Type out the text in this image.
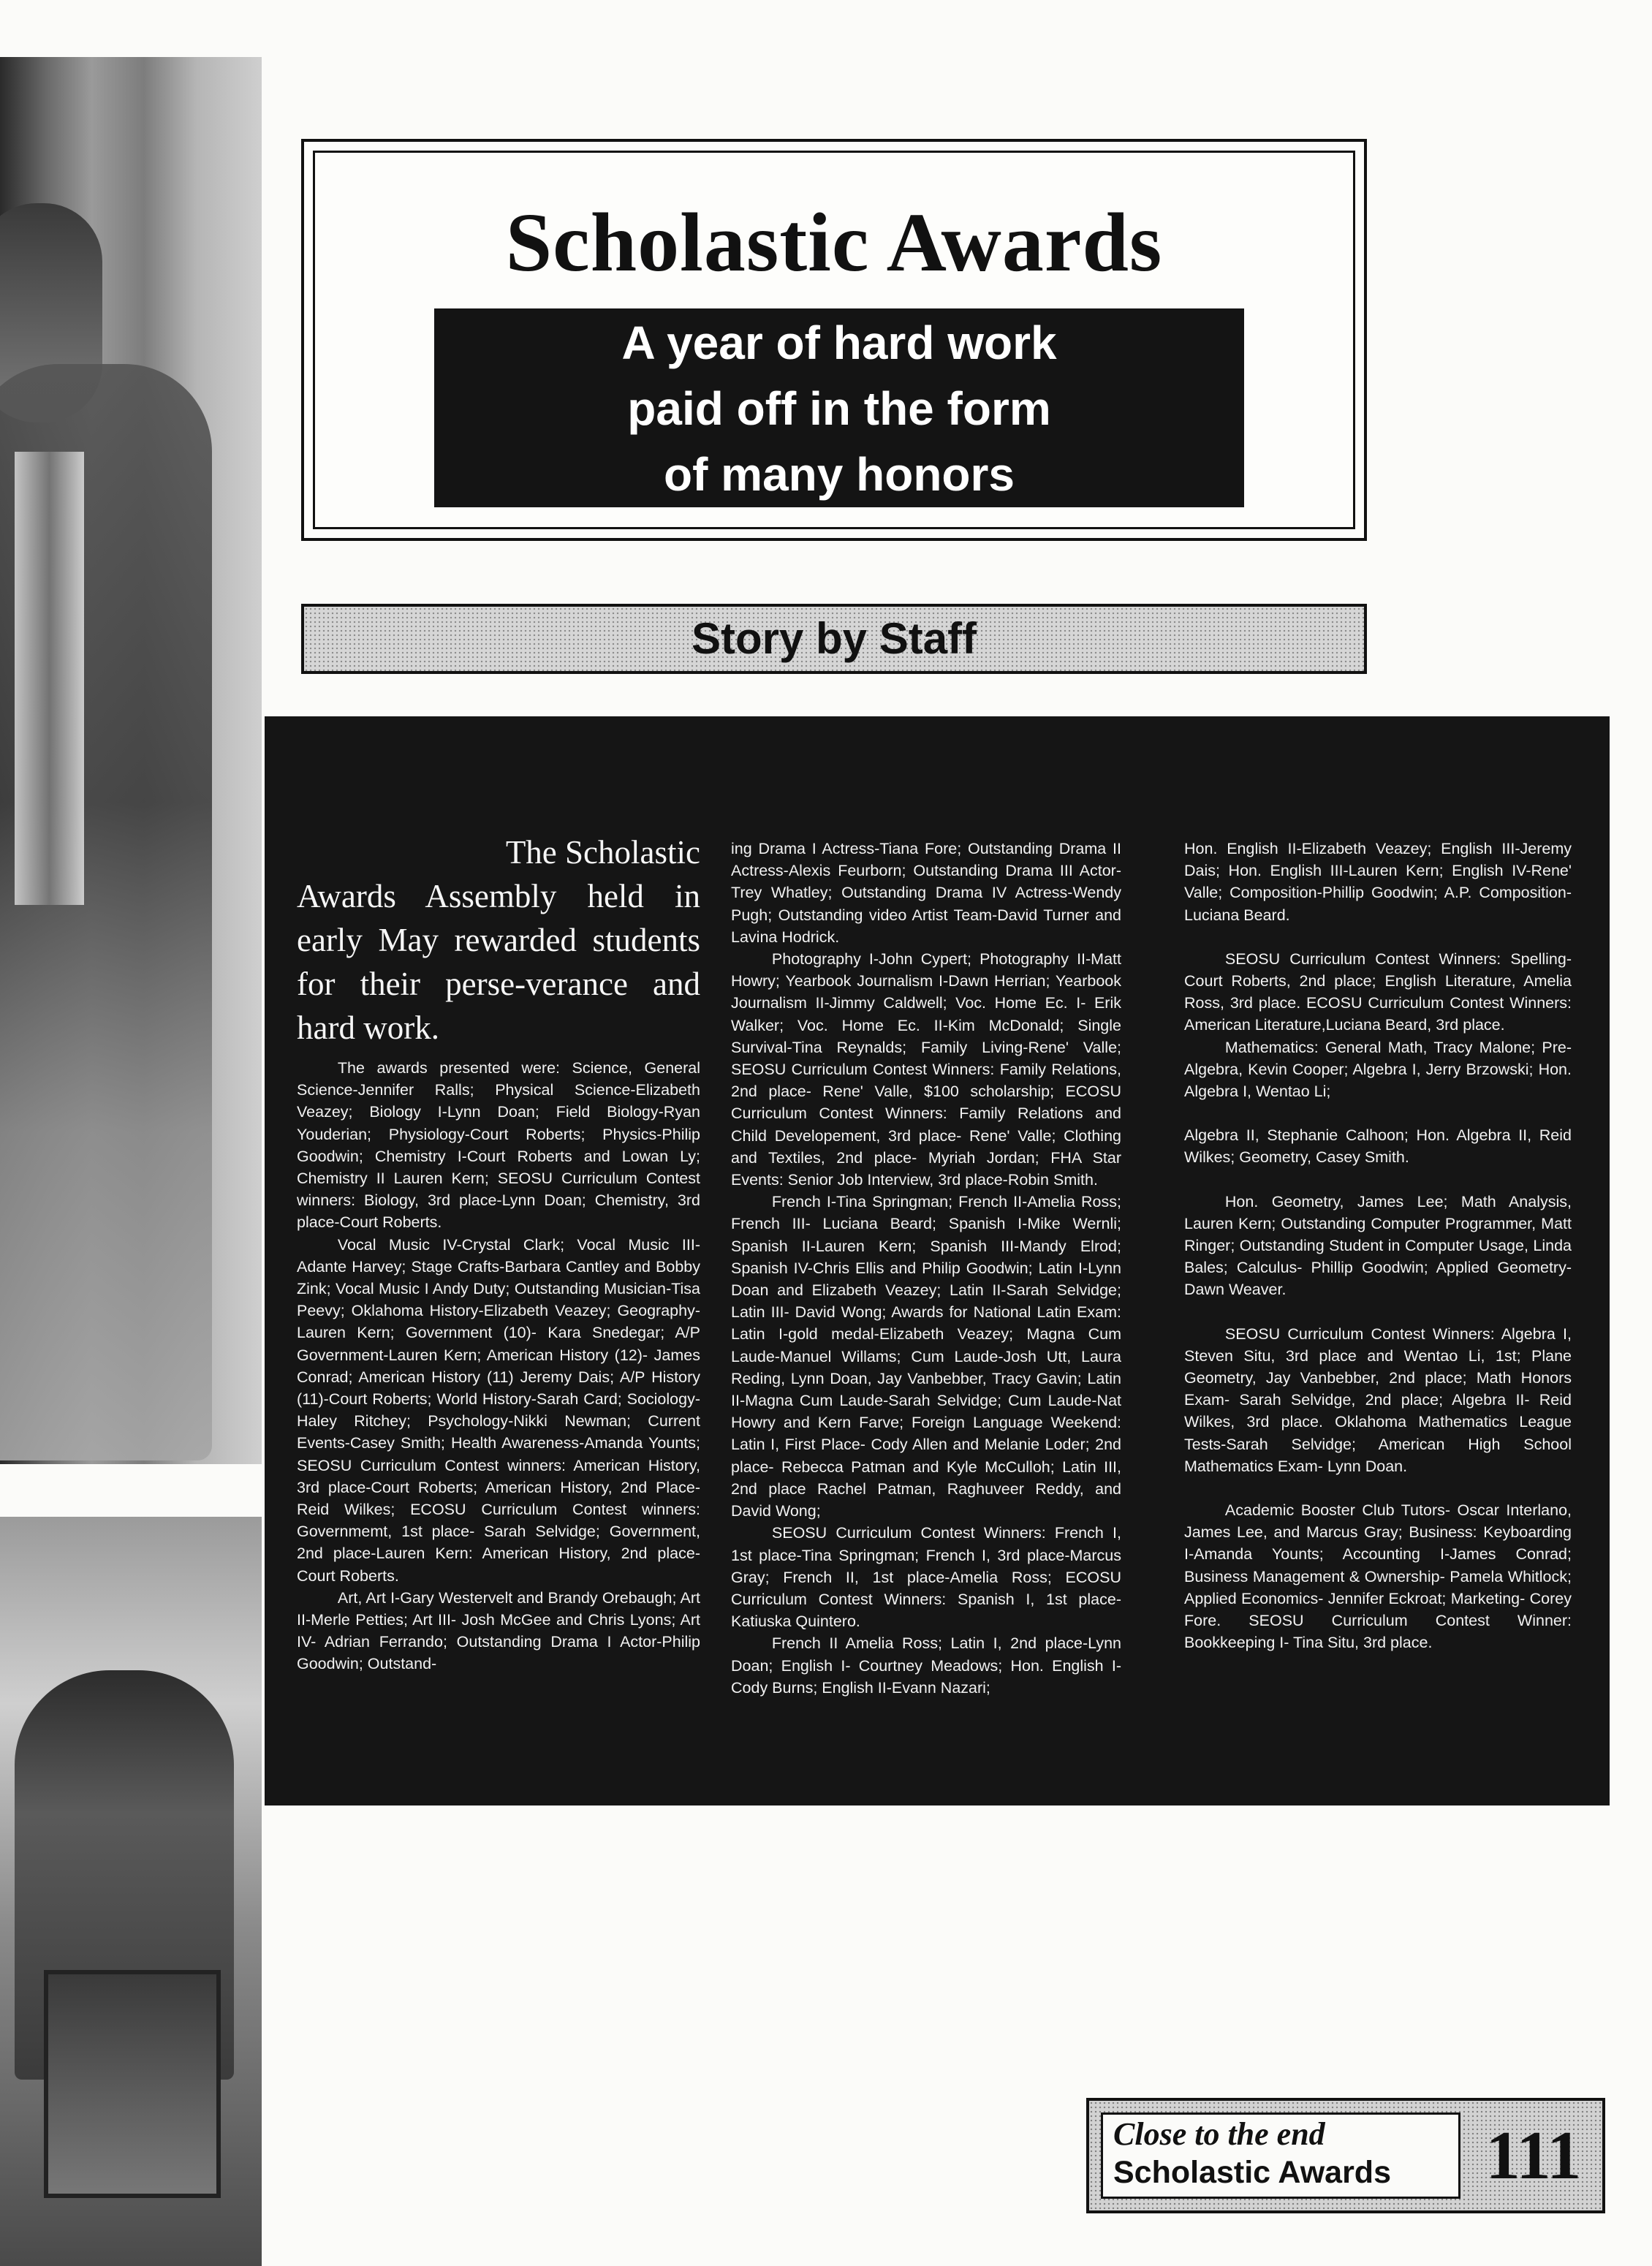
Scholastic Awards
A year of hard work
paid off in the form
of many honors
Story by Staff
The Scholastic
Awards Assembly held in early May rewarded students for their perse-verance and hard work.

The awards presented were: Science, General Science-Jennifer Ralls; Physical Science-Elizabeth Veazey; Biology I-Lynn Doan; Field Biology-Ryan Youderian; Physiology-Court Roberts; Physics-Philip Goodwin; Chemistry I-Court Roberts and Lowan Ly; Chemistry II Lauren Kern; SEOSU Curriculum Contest winners: Biology, 3rd place-Lynn Doan; Chemistry, 3rd place-Court Roberts.

Vocal Music IV-Crystal Clark; Vocal Music III- Adante Harvey; Stage Crafts-Barbara Cantley and Bobby Zink; Vocal Music I Andy Duty; Outstanding Musician-Tisa Peevy; Oklahoma History-Elizabeth Veazey; Geography-Lauren Kern; Government (10)- Kara Snedegar; A/P Government-Lauren Kern; American History (12)- James Conrad; American History (11) Jeremy Dais; A/P History (11)-Court Roberts; World History-Sarah Card; Sociology-Haley Ritchey; Psychology-Nikki Newman; Current Events-Casey Smith; Health Awareness-Amanda Younts; SEOSU Curriculum Contest winners: American History, 3rd place-Court Roberts; American History, 2nd Place- Reid Wilkes; ECOSU Curriculum Contest winners: Governmemt, 1st place- Sarah Selvidge; Government, 2nd place-Lauren Kern: American History, 2nd place-Court Roberts.

Art, Art I-Gary Westervelt and Brandy Orebaugh; Art II-Merle Petties; Art III- Josh McGee and Chris Lyons; Art IV- Adrian Ferrando; Outstanding Drama I Actor-Philip Goodwin; Outstand-

ing Drama I Actress-Tiana Fore; Outstanding Drama II Actress-Alexis Feurborn; Outstanding Drama III Actor-Trey Whatley; Outstanding Drama IV Actress-Wendy Pugh; Outstanding video Artist Team-David Turner and Lavina Hodrick.

Photography I-John Cypert; Photography II-Matt Howry; Yearbook Journalism I-Dawn Herrian; Yearbook Journalism II-Jimmy Caldwell; Voc. Home Ec. I- Erik Walker; Voc. Home Ec. II-Kim McDonald; Single Survival-Tina Reynalds; Family Living-Rene' Valle; SEOSU Curriculum Contest Winners: Family Relations, 2nd place- Rene' Valle, $100 scholarship; ECOSU Curriculum Contest Winners: Family Relations and Child Developement, 3rd place- Rene' Valle; Clothing and Textiles, 2nd place- Myriah Jordan; FHA Star Events: Senior Job Interview, 3rd place-Robin Smith.

French I-Tina Springman; French II-Amelia Ross; French III- Luciana Beard; Spanish I-Mike Wernli; Spanish II-Lauren Kern; Spanish III-Mandy Elrod; Spanish IV-Chris Ellis and Philip Goodwin; Latin I-Lynn Doan and Elizabeth Veazey; Latin II-Sarah Selvidge; Latin III- David Wong; Awards for National Latin Exam: Latin I-gold medal-Elizabeth Veazey; Magna Cum Laude-Manuel Willams; Cum Laude-Josh Utt, Laura Reding, Lynn Doan, Jay Vanbebber, Tracy Gavin; Latin II-Magna Cum Laude-Sarah Selvidge; Cum Laude-Nat Howry and Kern Farve; Foreign Language Weekend: Latin I, First Place- Cody Allen and Melanie Loder; 2nd place- Rebecca Patman and Kyle McCulloh; Latin III, 2nd place Rachel Patman, Raghuveer Reddy, and David Wong;

SEOSU Curriculum Contest Winners: French I, 1st place-Tina Springman; French I, 3rd place-Marcus Gray; French II, 1st place-Amelia Ross; ECOSU Curriculum Contest Winners: Spanish I, 1st place- Katiuska Quintero.

French II Amelia Ross; Latin I, 2nd place-Lynn Doan; English I- Courtney Meadows; Hon. English I-Cody Burns; English II-Evann Nazari;

Hon. English II-Elizabeth Veazey; English III-Jeremy Dais; Hon. English III-Lauren Kern; English IV-Rene' Valle; Composition-Phillip Goodwin; A.P. Composition-Luciana Beard.

SEOSU Curriculum Contest Winners: Spelling- Court Roberts, 2nd place; English Literature, Amelia Ross, 3rd place. ECOSU Curriculum Contest Winners: American Literature,Luciana Beard, 3rd place.

Mathematics: General Math, Tracy Malone; Pre-Algebra, Kevin Cooper; Algebra I, Jerry Brzowski; Hon. Algebra I, Wentao Li;

Algebra II, Stephanie Calhoon; Hon. Algebra II, Reid Wilkes; Geometry, Casey Smith.

Hon. Geometry, James Lee; Math Analysis, Lauren Kern; Outstanding Computer Programmer, Matt Ringer; Outstanding Student in Computer Usage, Linda Bales; Calculus- Phillip Goodwin; Applied Geometry- Dawn Weaver.

SEOSU Curriculum Contest Winners: Algebra I, Steven Situ, 3rd place and Wentao Li, 1st; Plane Geometry, Jay Vanbebber, 2nd place; Math Honors Exam- Sarah Selvidge, 2nd place; Algebra II- Reid Wilkes, 3rd place. Oklahoma Mathematics League Tests-Sarah Selvidge; American High School Mathematics Exam- Lynn Doan.

Academic Booster Club Tutors- Oscar Interlano, James Lee, and Marcus Gray; Business: Keyboarding I-Amanda Younts; Accounting I-James Conrad; Business Management & Ownership- Pamela Whitlock; Applied Economics- Jennifer Eckroat; Marketing- Corey Fore. SEOSU Curriculum Contest Winner: Bookkeeping I- Tina Situ, 3rd place.

Close to the end
Scholastic Awards	111
